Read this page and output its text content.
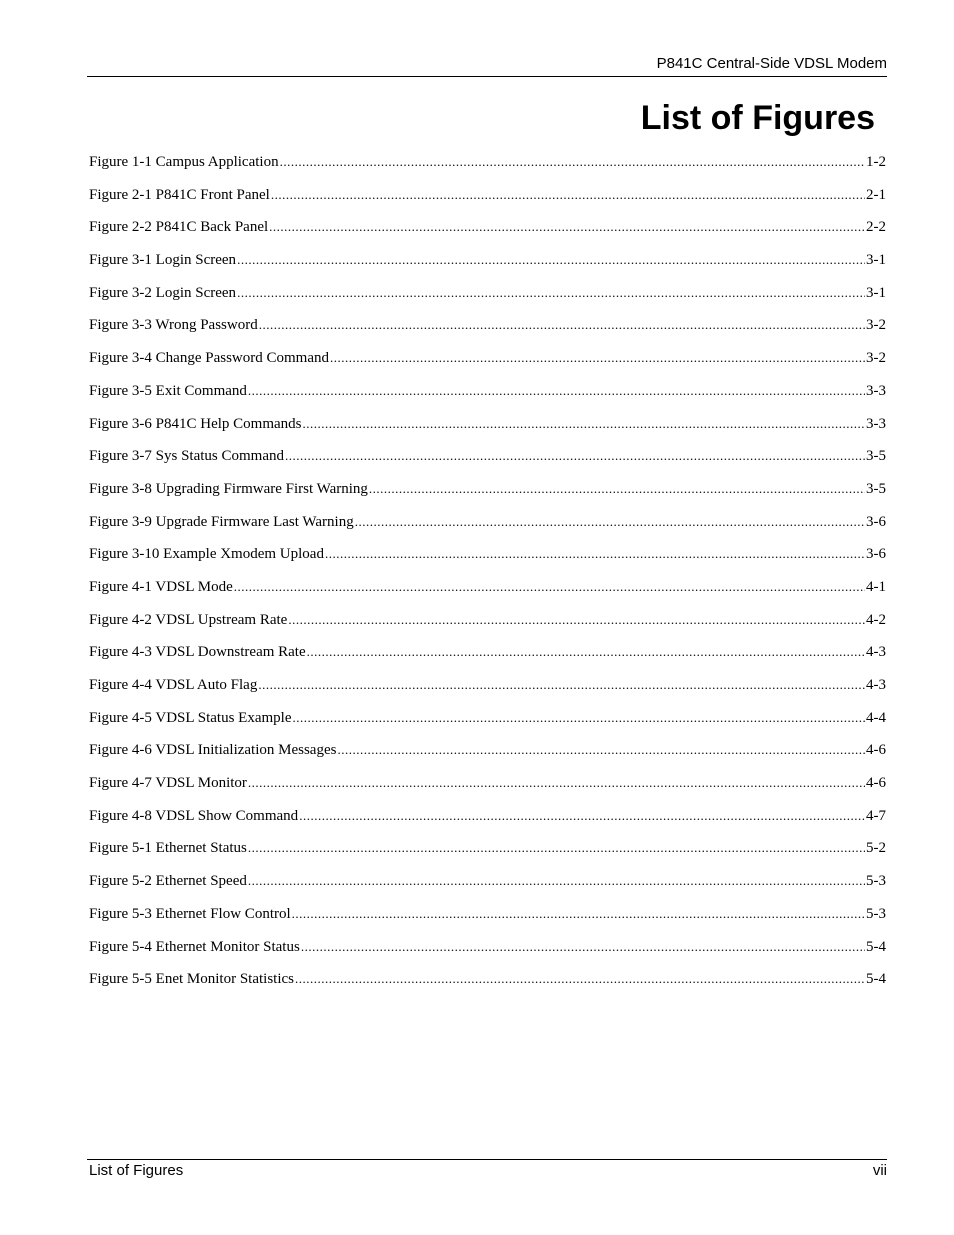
P841C Central-Side VDSL Modem
List of Figures
Figure 1-1 Campus Application .....	1-2
Figure 2-1 P841C Front Panel .....	2-1
Figure 2-2 P841C Back Panel .....	2-2
Figure 3-1 Login Screen .....	3-1
Figure 3-2 Login Screen .....	3-1
Figure 3-3 Wrong Password .....	3-2
Figure 3-4 Change Password Command .....	3-2
Figure 3-5 Exit Command .....	3-3
Figure 3-6 P841C Help Commands .....	3-3
Figure 3-7 Sys Status Command .....	3-5
Figure 3-8 Upgrading Firmware First Warning .....	3-5
Figure 3-9 Upgrade Firmware Last Warning .....	3-6
Figure 3-10 Example Xmodem Upload .....	3-6
Figure 4-1 VDSL Mode .....	4-1
Figure 4-2 VDSL Upstream Rate .....	4-2
Figure 4-3 VDSL Downstream Rate .....	4-3
Figure 4-4 VDSL Auto Flag .....	4-3
Figure 4-5 VDSL Status Example .....	4-4
Figure 4-6 VDSL Initialization Messages .....	4-6
Figure 4-7 VDSL Monitor .....	4-6
Figure 4-8 VDSL Show Command .....	4-7
Figure 5-1 Ethernet Status .....	5-2
Figure 5-2 Ethernet Speed .....	5-3
Figure 5-3 Ethernet Flow Control .....	5-3
Figure 5-4 Ethernet Monitor Status .....	5-4
Figure 5-5 Enet Monitor Statistics .....	5-4
List of Figures	vii
